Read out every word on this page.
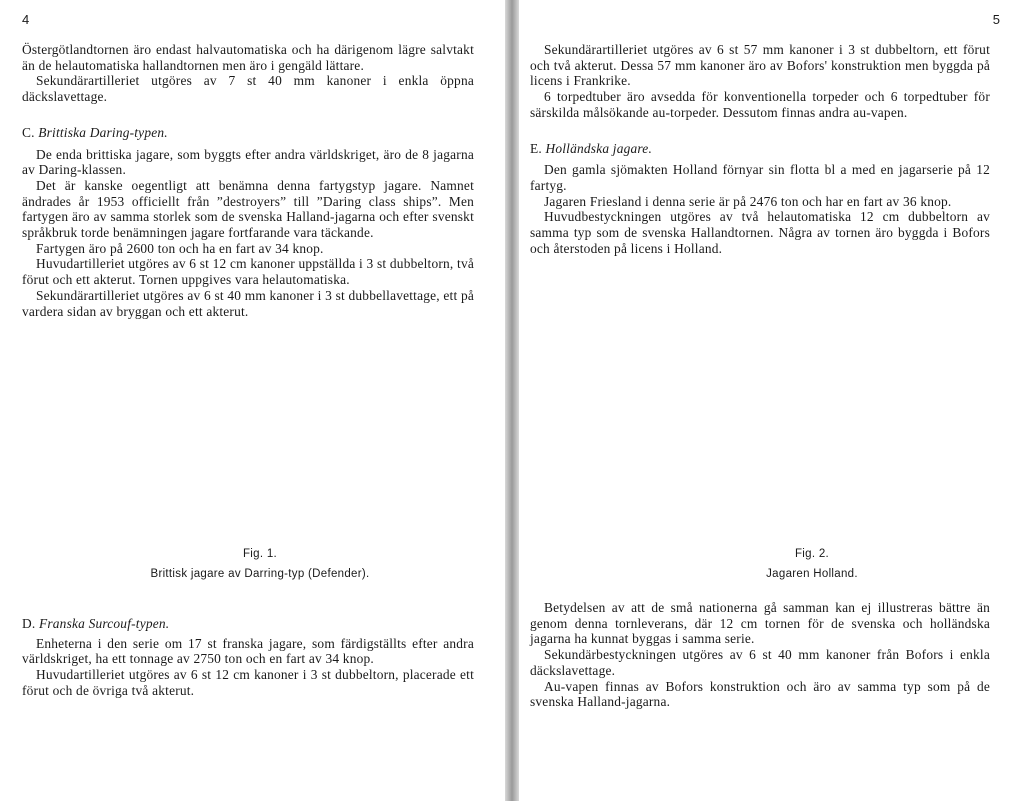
4

Östergötlandtornen äro endast halvautomatiska och ha därigenom lägre salvtakt än de helautomatiska hallandtornen men äro i gengäld lättare.

Sekundärartilleriet utgöres av 7 st 40 mm kanoner i enkla öppna däckslavettage.

C. Brittiska Daring-typen.

De enda brittiska jagare, som byggts efter andra världskriget, äro de 8 jagarna av Daring-klassen.

Det är kanske oegentligt att benämna denna fartygstyp jagare. Namnet ändrades år 1953 officiellt från ”destroyers” till ”Daring class ships”. Men fartygen äro av samma storlek som de svenska Halland-jagarna och efter svenskt språkbruk torde benämningen jagare fortfarande vara täckande.

Fartygen äro på 2600 ton och ha en fart av 34 knop.

Huvudartilleriet utgöres av 6 st 12 cm kanoner uppställda i 3 st dubbeltorn, två förut och ett akterut. Tornen uppgives vara helautomatiska.

Sekundärartilleriet utgöres av 6 st 40 mm kanoner i 3 st dubbellavettage, ett på vardera sidan av bryggan och ett akterut.

Fig. 1.
Brittisk jagare av Darring-typ (Defender).
D. Franska Surcouf-typen.

Enheterna i den serie om 17 st franska jagare, som färdigställts efter andra världskriget, ha ett tonnage av 2750 ton och en fart av 34 knop.

Huvudartilleriet utgöres av 6 st 12 cm kanoner i 3 st dubbeltorn, placerade ett förut och de övriga två akterut.

5

Sekundärartilleriet utgöres av 6 st 57 mm kanoner i 3 st dubbeltorn, ett förut och två akterut. Dessa 57 mm kanoner äro av Bofors' konstruktion men byggda på licens i Frankrike.

6 torpedtuber äro avsedda för konventionella torpeder och 6 torpedtuber för särskilda målsökande au-torpeder. Dessutom finnas andra au-vapen.

E. Holländska jagare.

Den gamla sjömakten Holland förnyar sin flotta bl a med en jagarserie på 12 fartyg.

Jagaren Friesland i denna serie är på 2476 ton och har en fart av 36 knop.

Huvudbestyckningen utgöres av två helautomatiska 12 cm dubbeltorn av samma typ som de svenska Hallandtornen. Några av tornen äro byggda i Bofors och återstoden på licens i Holland.

Fig. 2.
Jagaren Holland.

Betydelsen av att de små nationerna gå samman kan ej illustreras bättre än genom denna tornleverans, där 12 cm tornen för de svenska och holländska jagarna ha kunnat byggas i samma serie.

Sekundärbestyckningen utgöres av 6 st 40 mm kanoner från Bofors i enkla däckslavettage.

Au-vapen finnas av Bofors konstruktion och äro av samma typ som på de svenska Halland-jagarna.
